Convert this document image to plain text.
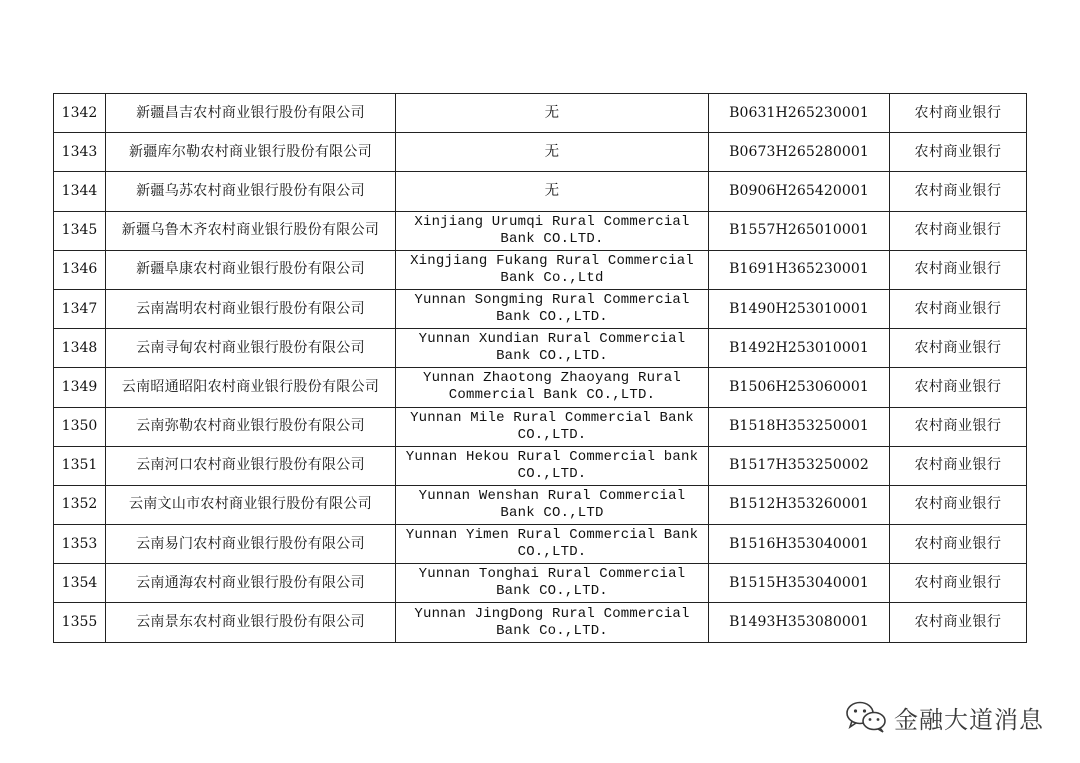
1342	新疆昌吉农村商业银行股份有限公司	无	B0631H265230001	农村商业银行
1343	新疆库尔勒农村商业银行股份有限公司	无	B0673H265280001	农村商业银行
1344	新疆乌苏农村商业银行股份有限公司	无	B0906H265420001	农村商业银行
1345	新疆乌鲁木齐农村商业银行股份有限公司	Xinjiang Urumqi Rural Commercial Bank CO.LTD.	B1557H265010001	农村商业银行
1346	新疆阜康农村商业银行股份有限公司	Xingjiang Fukang Rural Commercial Bank Co.,Ltd	B1691H365230001	农村商业银行
1347	云南嵩明农村商业银行股份有限公司	Yunnan Songming Rural Commercial Bank CO.,LTD.	B1490H253010001	农村商业银行
1348	云南寻甸农村商业银行股份有限公司	Yunnan Xundian Rural Commercial Bank CO.,LTD.	B1492H253010001	农村商业银行
1349	云南昭通昭阳农村商业银行股份有限公司	Yunnan Zhaotong Zhaoyang Rural Commercial Bank CO.,LTD.	B1506H253060001	农村商业银行
1350	云南弥勒农村商业银行股份有限公司	Yunnan Mile Rural Commercial Bank CO.,LTD.	B1518H353250001	农村商业银行
1351	云南河口农村商业银行股份有限公司	Yunnan Hekou Rural Commercial bank CO.,LTD.	B1517H353250002	农村商业银行
1352	云南文山市农村商业银行股份有限公司	Yunnan Wenshan Rural Commercial Bank CO.,LTD	B1512H353260001	农村商业银行
1353	云南易门农村商业银行股份有限公司	Yunnan Yimen Rural Commercial Bank CO.,LTD.	B1516H353040001	农村商业银行
1354	云南通海农村商业银行股份有限公司	Yunnan Tonghai Rural Commercial Bank CO.,LTD.	B1515H353040001	农村商业银行
1355	云南景东农村商业银行股份有限公司	Yunnan JingDong Rural Commercial Bank Co.,LTD.	B1493H353080001	农村商业银行
金融大道消息
